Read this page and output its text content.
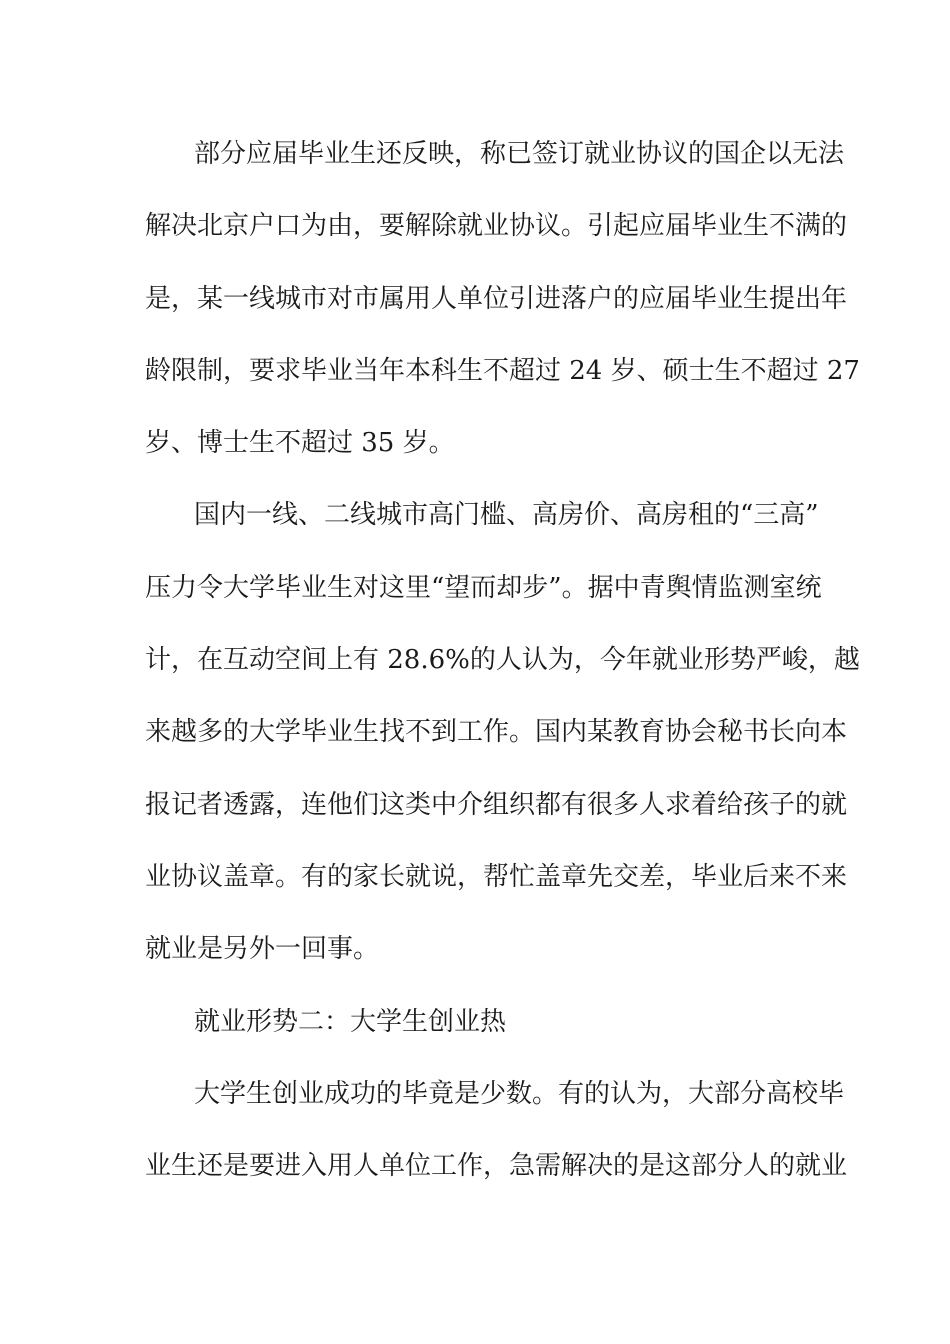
部分应届毕业生还反映，称已签订就业协议的国企以无法
解决北京户口为由，要解除就业协议。引起应届毕业生不满的
是，某一线城市对市属用人单位引进落户的应届毕业生提出年
龄限制，要求毕业当年本科生不超过 24 岁、硕士生不超过 27
岁、博士生不超过 35 岁。
国内一线、二线城市高门槛、高房价、高房租的“三高”
压力令大学毕业生对这里“望而却步”。据中青舆情监测室统
计，在互动空间上有 28.6%的人认为，今年就业形势严峻，越
来越多的大学毕业生找不到工作。国内某教育协会秘书长向本
报记者透露，连他们这类中介组织都有很多人求着给孩子的就
业协议盖章。有的家长就说，帮忙盖章先交差，毕业后来不来
就业是另外一回事。
就业形势二：大学生创业热
大学生创业成功的毕竟是少数。有的认为，大部分高校毕
业生还是要进入用人单位工作，急需解决的是这部分人的就业
